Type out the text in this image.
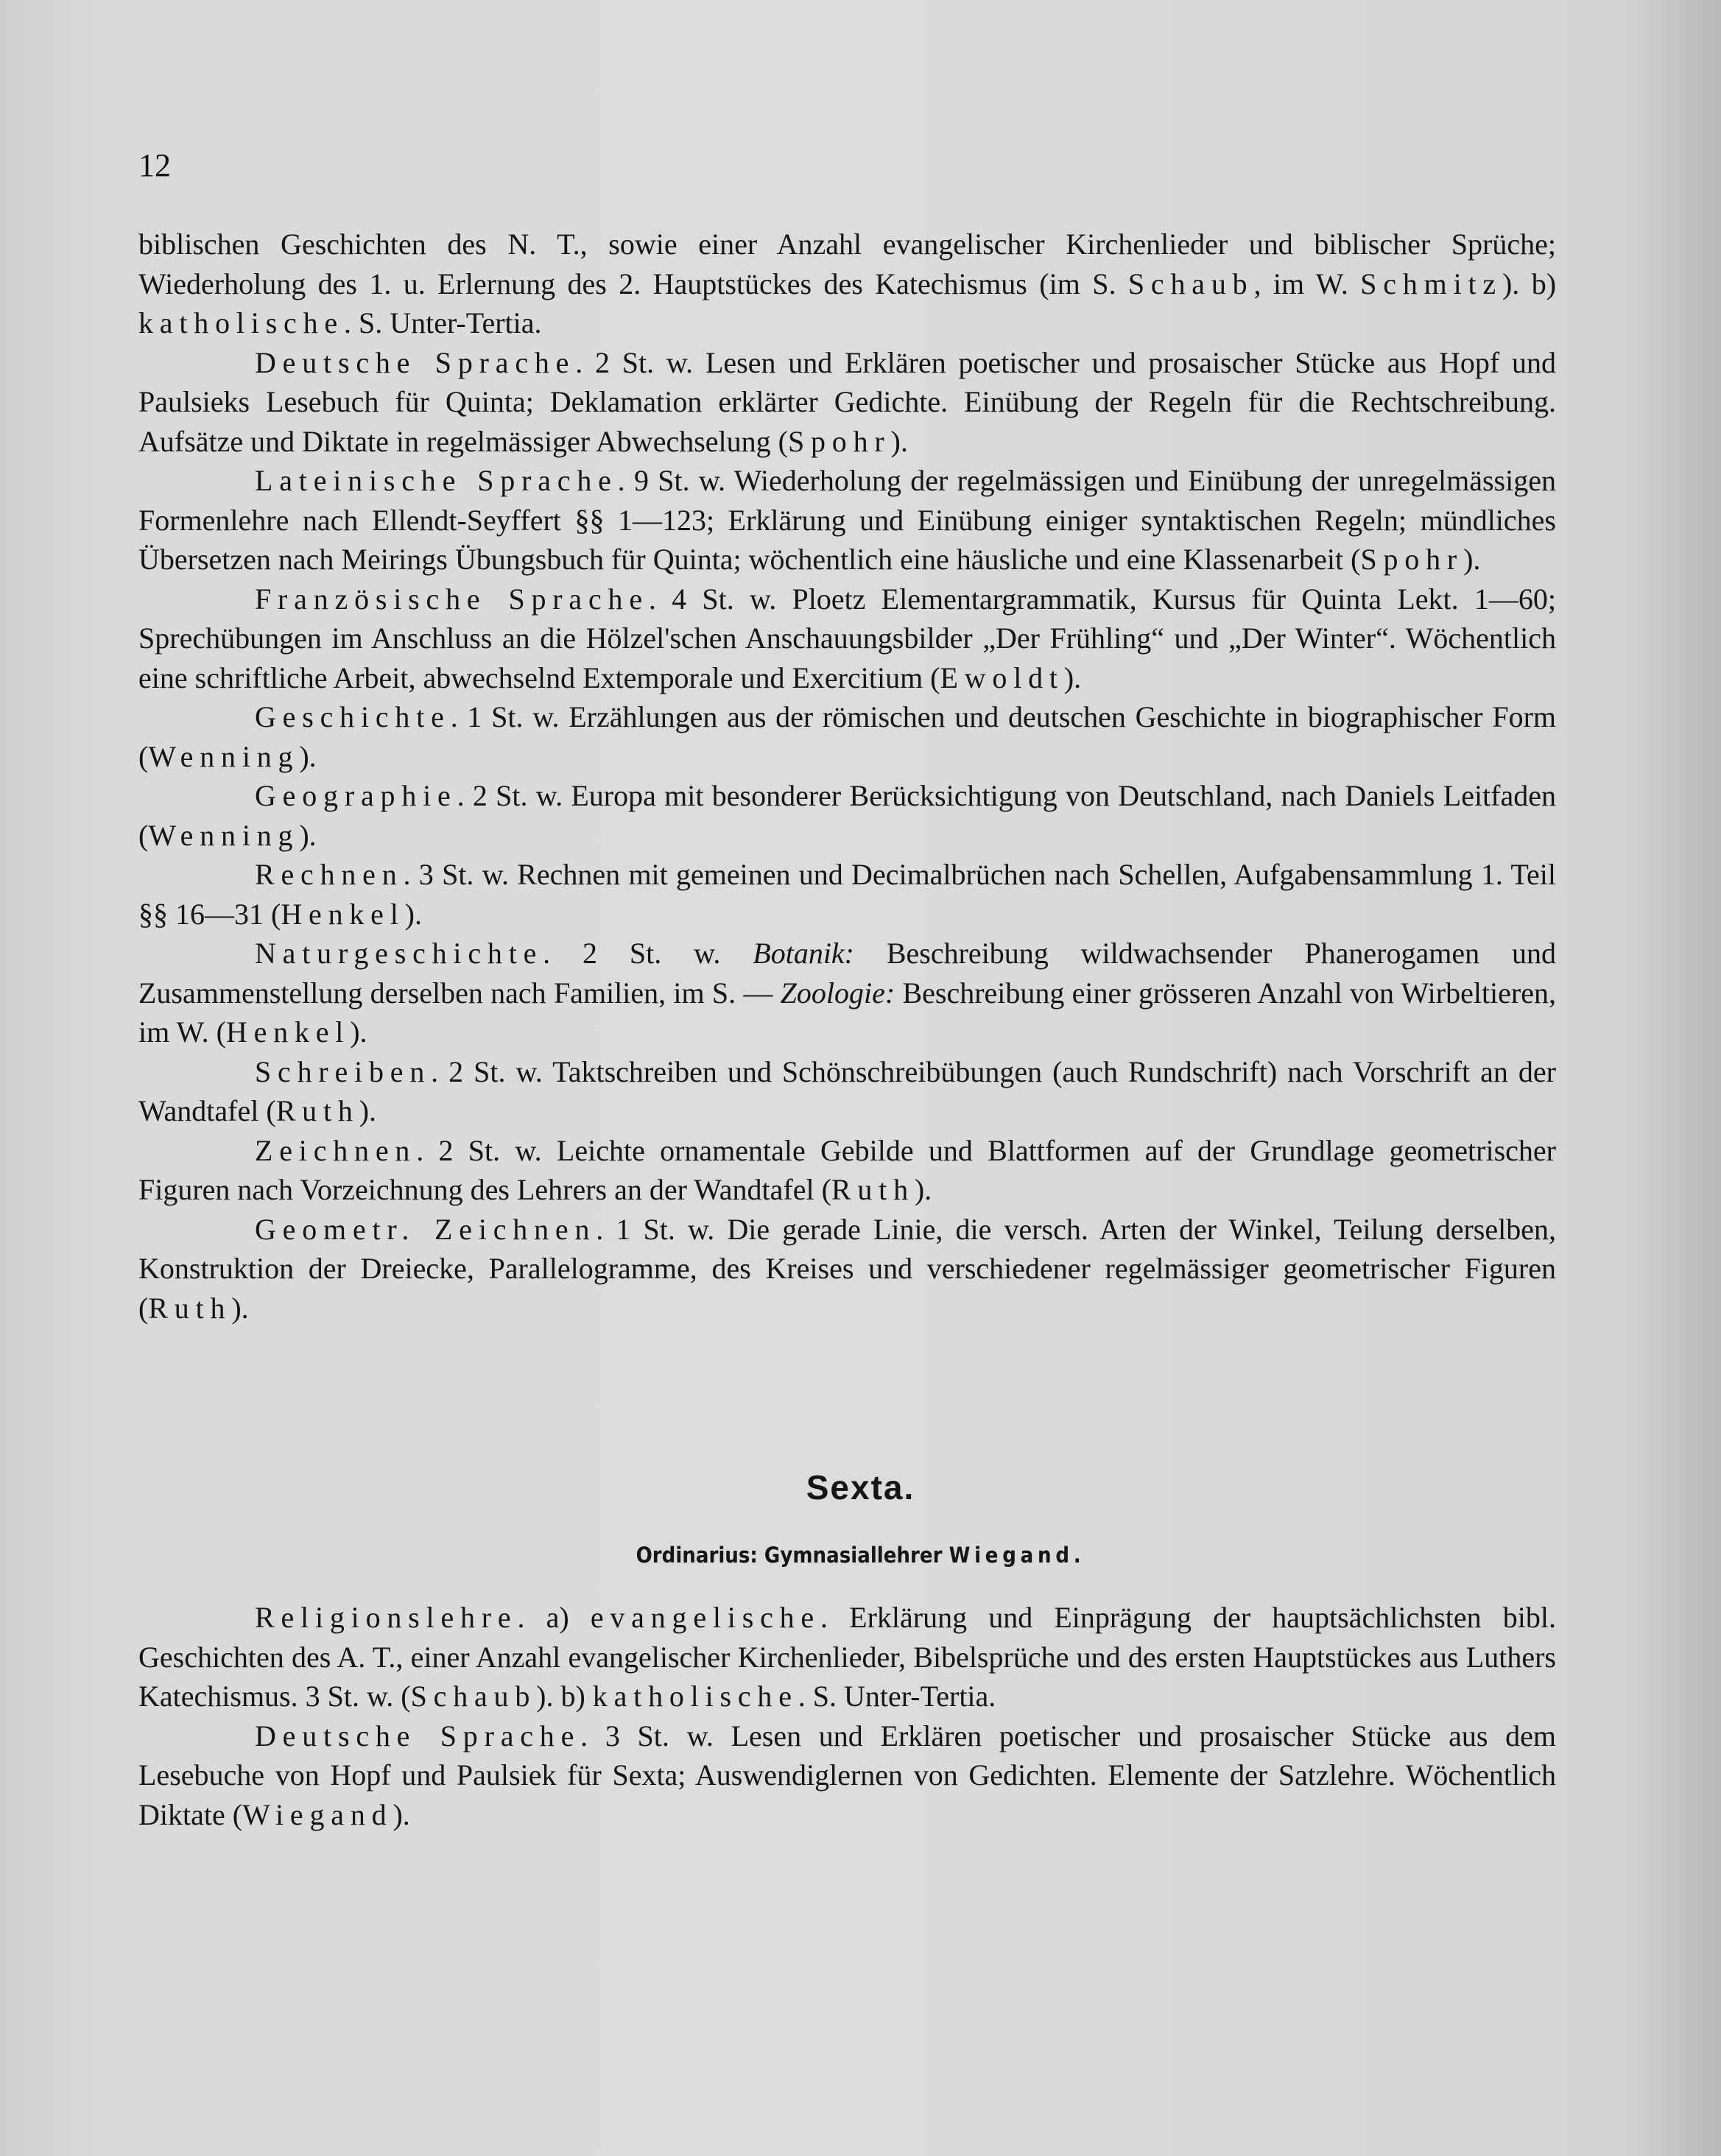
12

biblischen Geschichten des N. T., sowie einer Anzahl evangelischer Kirchenlieder und biblischer Sprüche; Wiederholung des 1. u. Erlernung des 2. Hauptstückes des Katechismus (im S. Schaub, im W. Schmitz). b) katholische. S. Unter-Tertia.

Deutsche Sprache. 2 St. w. Lesen und Erklären poetischer und prosaischer Stücke aus Hopf und Paulsieks Lesebuch für Quinta; Deklamation erklärter Gedichte. Einübung der Regeln für die Rechtschreibung. Aufsätze und Diktate in regelmässiger Abwechselung (Spohr).

Lateinische Sprache. 9 St. w. Wiederholung der regelmässigen und Einübung der unregelmässigen Formenlehre nach Ellendt-Seyffert §§ 1—123; Erklärung und Einübung einiger syntaktischen Regeln; mündliches Übersetzen nach Meirings Übungsbuch für Quinta; wöchentlich eine häusliche und eine Klassenarbeit (Spohr).

Französische Sprache. 4 St. w. Ploetz Elementargrammatik, Kursus für Quinta Lekt. 1—60; Sprechübungen im Anschluss an die Hölzel'schen Anschauungsbilder „Der Frühling“ und „Der Winter“. Wöchentlich eine schriftliche Arbeit, abwechselnd Extemporale und Exercitium (Ewoldt).

Geschichte. 1 St. w. Erzählungen aus der römischen und deutschen Geschichte in biographischer Form (Wenning).

Geographie. 2 St. w. Europa mit besonderer Berücksichtigung von Deutschland, nach Daniels Leitfaden (Wenning).

Rechnen. 3 St. w. Rechnen mit gemeinen und Decimalbrüchen nach Schellen, Aufgabensammlung 1. Teil §§ 16—31 (Henkel).

Naturgeschichte. 2 St. w. Botanik: Beschreibung wildwachsender Phanerogamen und Zusammenstellung derselben nach Familien, im S. — Zoologie: Beschreibung einer grösseren Anzahl von Wirbeltieren, im W. (Henkel).

Schreiben. 2 St. w. Taktschreiben und Schönschreibübungen (auch Rundschrift) nach Vorschrift an der Wandtafel (Ruth).

Zeichnen. 2 St. w. Leichte ornamentale Gebilde und Blattformen auf der Grundlage geometrischer Figuren nach Vorzeichnung des Lehrers an der Wandtafel (Ruth).

Geometr. Zeichnen. 1 St. w. Die gerade Linie, die versch. Arten der Winkel, Teilung derselben, Konstruktion der Dreiecke, Parallelogramme, des Kreises und verschiedener regelmässiger geometrischer Figuren (Ruth).

Sexta.
Ordinarius: Gymnasiallehrer Wiegand.

Religionslehre. a) evangelische. Erklärung und Einprägung der hauptsächlichsten bibl. Geschichten des A. T., einer Anzahl evangelischer Kirchenlieder, Bibelsprüche und des ersten Hauptstückes aus Luthers Katechismus. 3 St. w. (Schaub). b) katholische. S. Unter-Tertia.

Deutsche Sprache. 3 St. w. Lesen und Erklären poetischer und prosaischer Stücke aus dem Lesebuche von Hopf und Paulsiek für Sexta; Auswendiglernen von Gedichten. Elemente der Satzlehre. Wöchentlich Diktate (Wiegand).
